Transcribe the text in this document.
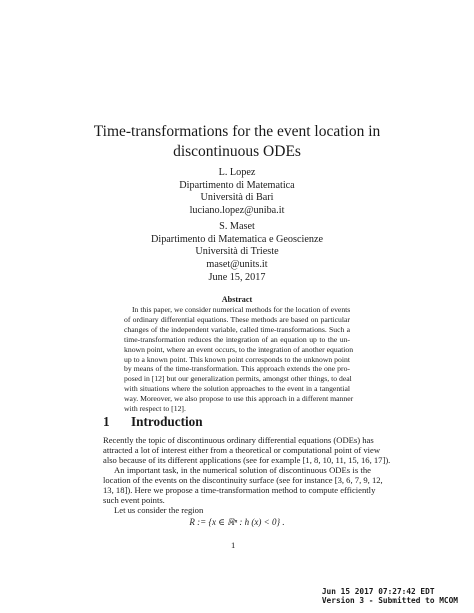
Time-transformations for the event location in
discontinuous ODEs
L. Lopez
Dipartimento di Matematica
Università di Bari
luciano.lopez@uniba.it
S. Maset
Dipartimento di Matematica e Geoscienze
Università di Trieste
maset@units.it
June 15, 2017
Abstract
In this paper, we consider numerical methods for the location of events
of ordinary differential equations. These methods are based on particular
changes of the independent variable, called time-transformations. Such a
time-transformation reduces the integration of an equation up to the un-
known point, where an event occurs, to the integration of another equation
up to a known point. This known point corresponds to the unknown point
by means of the time-transformation. This approach extends the one pro-
posed in [12] but our generalization permits, amongst other things, to deal
with situations where the solution approaches to the event in a tangential
way. Moreover, we also propose to use this approach in a different manner
with respect to [12].
1 Introduction
Recently the topic of discontinuous ordinary differential equations (ODEs) has
attracted a lot of interest either from a theoretical or computational point of view
also because of its different applications (see for example [1, 8, 10, 11, 15, 16, 17]).
An important task, in the numerical solution of discontinuous ODEs is the
location of the events on the discontinuity surface (see for instance [3, 6, 7, 9, 12,
13, 18]). Here we propose a time-transformation method to compute efficiently
such event points.
Let us consider the region
R := {x ∈ ℝⁿ : h (x) < 0} .
1
Jun 15 2017 07:27:42 EDT
Version 3 - Submitted to MCOM
